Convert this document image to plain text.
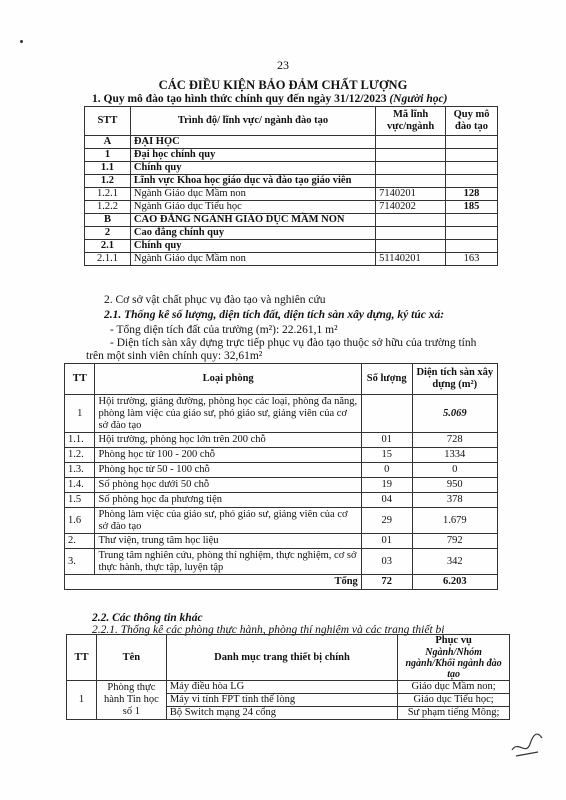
23
CÁC ĐIỀU KIỆN BẢO ĐẢM CHẤT LƯỢNG
1. Quy mô đào tạo hình thức chính quy đến ngày 31/12/2023 (Người học)
STT	Trình độ/ lĩnh vực/ ngành đào tạo	Mã lĩnh vực/ngành	Quy mô đào tạo
A	ĐẠI HỌC		
1	Đại học chính quy		
1.1	Chính quy		
1.2	Lĩnh vực Khoa học giáo dục và đào tạo giáo viên		
1.2.1	Ngành Giáo dục Mầm non	7140201	128
1.2.2	Ngành Giáo dục Tiểu học	7140202	185
B	CAO ĐẲNG NGÀNH GIÁO DỤC MẦM NON		
2	Cao đẳng chính quy		
2.1	Chính quy		
2.1.1	Ngành Giáo dục Mầm non	51140201	163
2. Cơ sở vật chất phục vụ đào tạo và nghiên cứu
2.1. Thống kê số lượng, diện tích đất, diện tích sàn xây dựng, ký túc xá:
- Tổng diện tích đất của trường (m²): 22.261,1 m²
- Diện tích sàn xây dựng trực tiếp phục vụ đào tạo thuộc sở hữu của trường tính
trên một sinh viên chính quy: 32,61m²
TT	Loại phòng	Số lượng	Diện tích sàn xây dựng (m²)
1	Hội trường, giảng đường, phòng học các loại, phòng đa năng, phòng làm việc của giáo sư, phó giáo sư, giảng viên của cơ sở đào tạo		5.069
1.1.	Hội trường, phòng học lớn trên 200 chỗ	01	728
1.2.	Phòng học từ 100 - 200 chỗ	15	1334
1.3.	Phòng học từ 50 - 100 chỗ	0	0
1.4.	Số phòng học dưới 50 chỗ	19	950
1.5	Số phòng học đa phương tiện	04	378
1.6	Phòng làm việc của giáo sư, phó giáo sư, giảng viên của cơ sở đào tạo	29	1.679
2.	Thư viện, trung tâm học liệu	01	792
3.	Trung tâm nghiên cứu, phòng thí nghiệm, thực nghiệm, cơ sở thực hành, thực tập, luyện tập	03	342
Tổng		72	6.203
2.2. Các thông tin khác
2.2.1. Thống kê các phòng thực hành, phòng thí nghiệm và các trang thiết bị
TT	Tên	Danh mục trang thiết bị chính	Phục vụ
Ngành/Nhóm ngành/Khối ngành đào tạo

1	Phòng thực hành Tin học số 1	Máy điều hòa LG	Giáo dục Mầm non;
		Máy vi tính FPT tính thể lòng	Giáo dục Tiểu học;
		Bộ Switch mạng 24 cổng	Sư phạm tiếng Mông;
